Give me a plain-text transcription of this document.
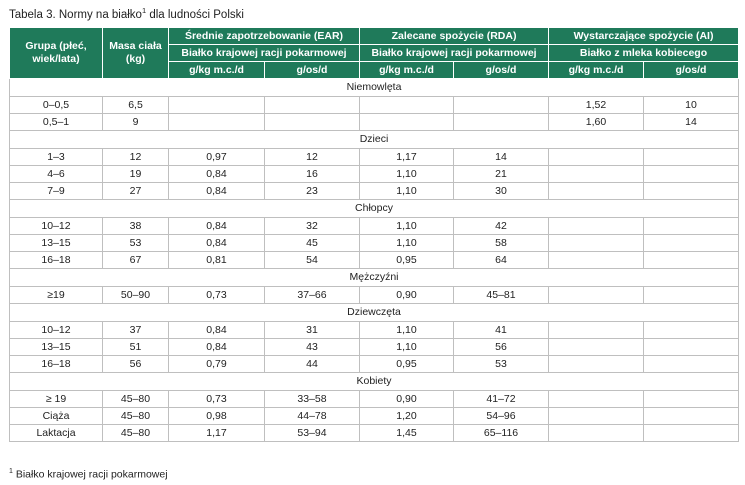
Tabela 3. Normy na białko$^1$ dla ludności Polski
Grupa (płeć, wiek/lata)	Masa ciała (kg)	Średnie zapotrzebowanie (EAR)		Zalecane spożycie (RDA)		Wystarczające spożycie (AI)	
		Białko krajowej racji pokarmowej		Białko krajowej racji pokarmowej		Białko z mleka kobiecego	
		g/kg m.c./d	g/os/d	g/kg m.c./d	g/os/d	g/kg m.c./d	g/os/d
Niemowlęta							
0–0,5	6,5					1,52	10
0,5–1	9					1,60	14
Dzieci							
1–3	12	0,97	12	1,17	14		
4–6	19	0,84	16	1,10	21		
7–9	27	0,84	23	1,10	30		
Chłopcy							
10–12	38	0,84	32	1,10	42		
13–15	53	0,84	45	1,10	58		
16–18	67	0,81	54	0,95	64		
Mężczyźni							
≥19	50–90	0,73	37–66	0,90	45–81		
Dziewczęta							
10–12	37	0,84	31	1,10	41		
13–15	51	0,84	43	1,10	56		
16–18	56	0,79	44	0,95	53		
Kobiety							
≥ 19	45–80	0,73	33–58	0,90	41–72		
Ciąża	45–80	0,98	44–78	1,20	54–96		
Laktacja	45–80	1,17	53–94	1,45	65–116		
$^1$ Białko krajowej racji pokarmowej
